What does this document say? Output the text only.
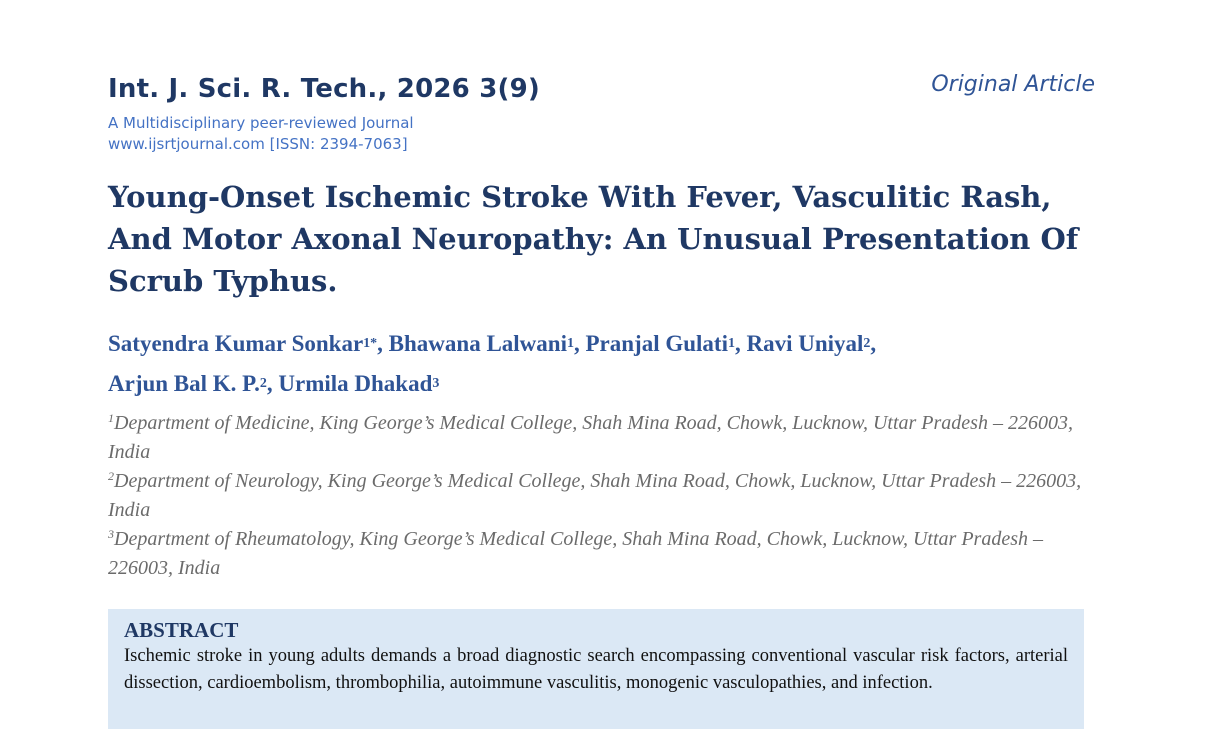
Int. J. Sci. R. Tech., 2026 3(9)	Original Article
A Multidisciplinary peer-reviewed Journal
www.ijsrtjournal.com [ISSN: 2394-7063]
Young-Onset Ischemic Stroke With Fever, Vasculitic Rash, And Motor Axonal Neuropathy: An Unusual Presentation Of Scrub Typhus.
Satyendra Kumar Sonkar$^{1*}$, Bhawana Lalwani$^1$, Pranjal Gulati$^1$, Ravi Uniyal$^2$,
Arjun Bal K. P.$^2$, Urmila Dhakad$^3$

$^1$Department of Medicine, King George’s Medical College, Shah Mina Road, Chowk, Lucknow, Uttar Pradesh – 226003, India

$^2$Department of Neurology, King George’s Medical College, Shah Mina Road, Chowk, Lucknow, Uttar Pradesh – 226003, India

$^3$Department of Rheumatology, King George’s Medical College, Shah Mina Road, Chowk, Lucknow, Uttar Pradesh – 226003, India

ABSTRACT

Ischemic stroke in young adults demands a broad diagnostic search encompassing conventional vascular risk factors, arterial dissection, cardioembolism, thrombophilia, autoimmune vasculitis, monogenic vasculopathies, and infection.
